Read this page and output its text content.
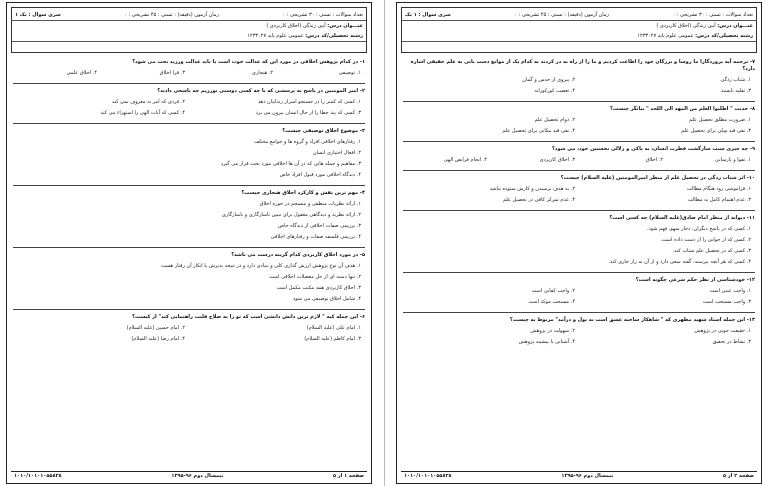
تعداد سوالات : تستی : ۳۰ تشریحی : ۰
زمان آزمون (دقیقه) : تستی : ۴۵ تشریحی : ۰
سری سوال : یک ۱
عنـــوان درس:

آیین زندگی (اخلاق کاربردی )
رشته تحصیلی/کد درس:

عمومی علوم پایه ۱۲۳۳۰۲۷
۱- در کدام پژوهش اخلاقی در مورد این که عدالت خوب است یا باید عدالت ورزید بحث می شود؟
۱. توصیفی
۲. هنجاری
۳. فرا اخلاق
۴. اخلاق علمی
۲- امیر المومنین در پاسخ به پرسشی که با چه کسی دوستی نورزیم چه پاسخی دادند؟
۱. کسی که کمتر را در جستجو اسرار زندانیان دهد
۲. فردی که امر به معروف نمی کند
۳. کسی که پند خطا را از حال انسان بیرون می برد
۴. کسی که آیات الهی را استهزاء می کند
۳- موضوع اخلاق توصیفی چیست؟
۱. رفتارهای اخلاقی افراد و گروه ها و جوامع مختلف
۲. افعال اختیاری انسان
۳. مفاهیم و جمله هایی که در آن ها اخلاقی مورد بحث قرار می گیرد
۴. دیدگاه اخلاقی مورد قبول افراد خاص
۴- مهم ترین نقش و کارکرد اخلاق هنجاری چیست؟
۱. ارائه نظریات منطقی و منسجم در حوزه اخلاق
۲. ارائه نظریه و دیدگاهی معقول برای تبیین ناسازگاری و ناسازگاری
۳. بررسی صفات اخلاقی از دیدگاه خاص
۴. بررسی فلسفه صفات و رفتارهای اخلاقی
۵- در مورد اخلاق کاربردی کدام گزینه درست می باشد؟
۱. هدف آن نوع پژوهش ارزش گذاری کلی و بنیادی دارد و در نتیجه پذیرش یا انکار آن رفتار هست
۲. تنها دسته ای از حل معضلات اخلاقی است
۳. اخلاق کاربردی همه مکتب مکمل است
۴. شامل اخلاق توصیفی می شود
۶- این جمله کیه " لازم ترین دانش دانشی است که تو را به صلاح قلبت راهنمایی کند" از کیست؟
۱. امام علی (علیه السلام)
۲. امام حسین (علیه السلام)
۳. امام کاظم (علیه السلام)
۴. امام رضا (علیه السلام)
صفحه ۱ از ۵
نیمسال دوم ۹۶-۱۳۹۵
۱۰۱۰/۱۰۱۰۱۰۵۵۸۳۸
تعداد سوالات : تستی : ۳۰ تشریحی : ۰
زمان آزمون (دقیقه) : تستی : ۴۵ تشریحی : ۰
سری سوال : ۱ یک
عنـــوان درس:

آیین زندگی (اخلاق کاربردی )
رشته تحصیلی/کد درس:

عمومی علوم پایه ۱۲۳۳۰۲۷
۷- ترجمه آیه پروردگارا ما روسا و بزرگان خود را اطاعت کردیم و ما را از راه به در کردند به کدام یک از موانع دست یابی به علم حقیقی اشاره دارد؟
۱. شتاب زدگی
۲. پیروی از حدس و گمان
۳. تقلید ناپسند
۴. تعصب کورکورانه
۸- حدیث " اطلبوا العلم من المهد الی اللحد " بیانگر چیست؟
۱. ضرورت مطلق تحصیل علم
۲. دوام تحصیل علم
۳. نفی قید سِنّی برای تحصیل علم
۴. نفی قید مکانی برای تحصیل علم
۹- چه چیزی سبب سازگشت فطرت انسان، به پاکی و زلالی نخستین خود، می شود؟
۱. تقوا و پارسایی
۲. اخلاق
۳. اخلاق کاربردی
۴. انجام فرایض الهی
۱۰- اثر شتاب زدگی در تحصیل علم از منظر امیرالمومنین (علیه السلام) چیست؟
۱. فراموشی زود هنگام مطالب
۲. به هدف نرسیدن و کارش ستوده نباشد
۳. عدم اهتمام کامل به مطالب
۴. عدم تمرکز کافی در تحصیل علم
۱۱- دیوانه از منظر امام صادق(علیه السلام) چه کسی است؟
۱. کسی که در پاسخ دیگران، دچار سهو، فهم شود.
۲. کسی که از جوانی را از دست داده است.
۳. کسی که در تحصیل علم شتاب کند.
۴. کسی که هر آنچه بپرسند، گفته سعی دارد و از آن به راز جاری کند.
۱۲- خودشناسی از نظر حکم شرعی چگونه است؟
۱. واجب عینی است
۲. واجب کفایی است
۳. واجب مستحب است
۴. مستحب موکد است
۱۳- این جمله استاد شهید مطهری که " شاهکار ساخته عشق است نه پول و درآمد" مربوط به چیست؟
۱. حقیقت جویی در پژوهش
۲. سهولت در پژوهش
۳. نشاط در تحقیق
۴. آشنایی با پیشینه پژوهش
صفحه ۲ از ۵
نیمسال دوم ۹۶-۱۳۹۵
۱۰۱۰/۱۰۱۰۱۰۵۵۸۳۸
